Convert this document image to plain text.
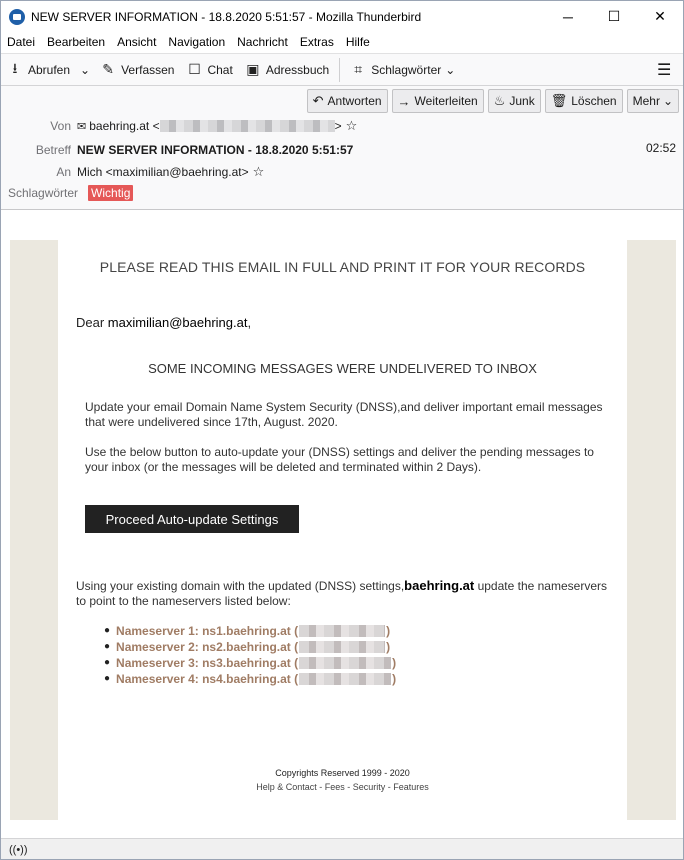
NEW SERVER INFORMATION - 18.8.2020 5:51:57 - Mozilla Thunderbird	─	☐	✕
Datei	Bearbeiten	Ansicht	Navigation	Nachricht	Extras	Hilfe
⭳ Abrufen ⌄ ✎ Verfassen ☐ Chat ▣ Adressbuch ⌗ Schlagwörter ⌄	☰
↶ Antworten → Weiterleiten ♨ Junk 🗑 Löschen Mehr ⌄
Von ✉ baehring.at <	> ☆
Betreff NEW SERVER INFORMATION - 18.8.2020 5:51:57	02:52
An Mich <maximilian@baehring.at> ☆
Schlagwörter	Wichtig
PLEASE READ THIS EMAIL IN FULL AND PRINT IT FOR YOUR RECORDS
Dear maximilian@baehring.at,
SOME INCOMING MESSAGES WERE UNDELIVERED TO INBOX
Update your email Domain Name System Security (DNSS),and deliver important email messages that were undelivered since 17th, August. 2020.
Use the below button to auto-update your (DNSS) settings and deliver the pending messages to your inbox (or the messages will be deleted and terminated within 2 Days).
Proceed Auto-update Settings
Using your existing domain with the updated (DNSS) settings,baehring.at update the nameservers to point to the nameservers listed below:
● Nameserver 1: ns1.baehring.at (	)
● Nameserver 2: ns2.baehring.at (	)
● Nameserver 3: ns3.baehring.at (	)
● Nameserver 4: ns4.baehring.at (	)
Copyrights Reserved 1999 - 2020
Help & Contact - Fees - Security - Features
((•))
